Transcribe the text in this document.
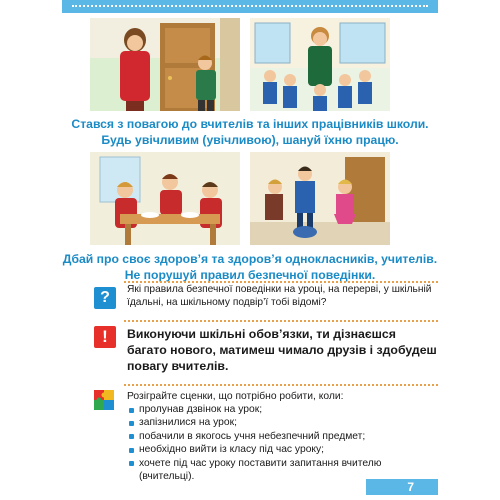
Стався з повагою до вчителів та інших працівників школи. Будь увічливим (увічливою), шануй їхню працю.
Дбай про своє здоров’я та здоров’я однокласників, учителів. Не порушуй правил безпечної поведінки.
?	Які правила безпечної поведінки на уроці, на перерві, у шкільній їдальні, на шкільному подвір’ї тобі відомі?
!	Виконуючи шкільні обов’язки, ти дізнаєшся багато нового, матимеш чимало друзів і здобудеш повагу вчителів.
Розіграйте сценки, що потрібно робити, коли:
пролунав дзвінок на урок;
запізнилися на урок;
побачили в якогось учня небезпечний предмет;
необхідно вийти із класу під час уроку;
хочете під час уроку поставити запитання вчителю (вчительці).
7
